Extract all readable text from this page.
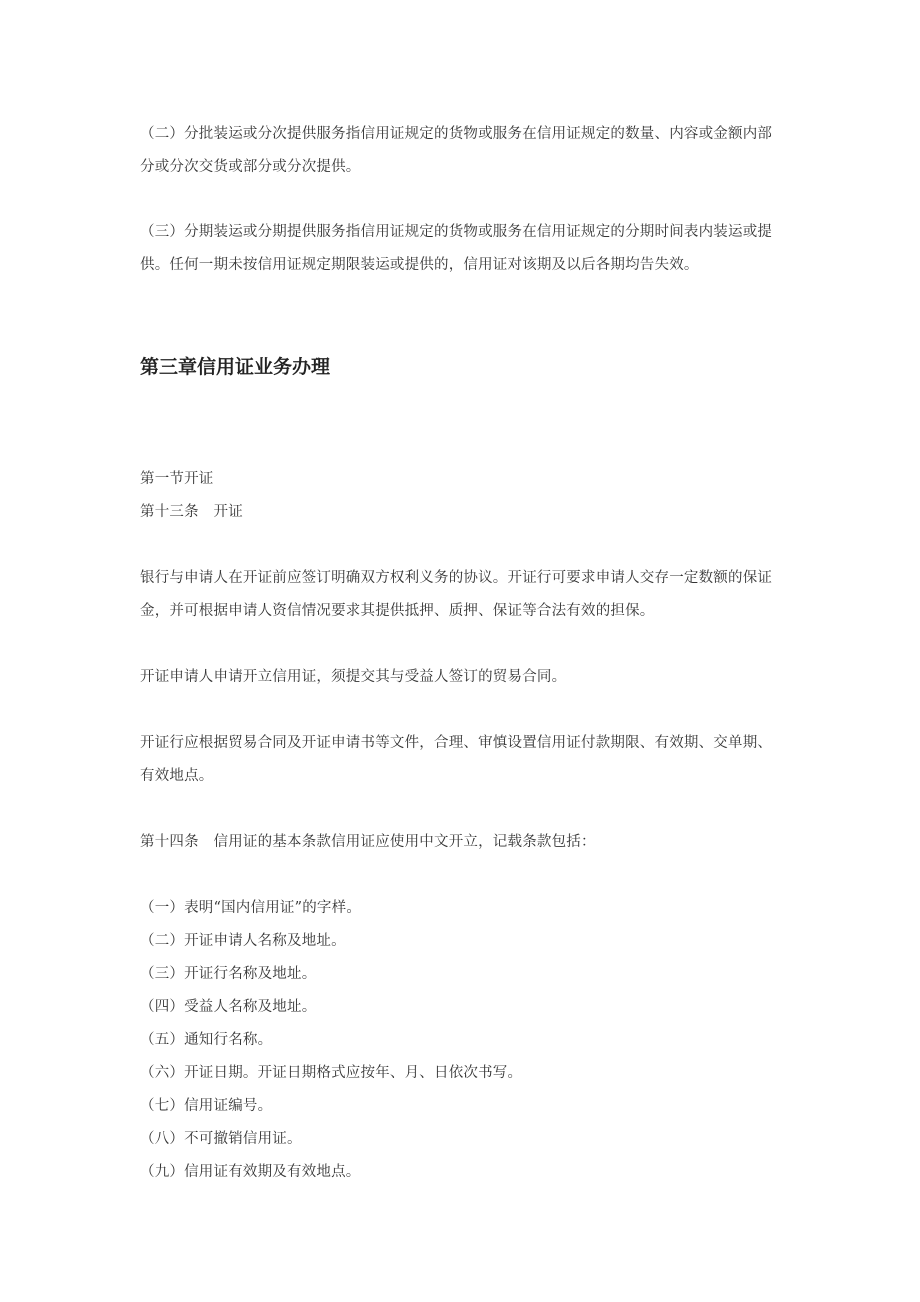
（二）分批装运或分次提供服务指信用证规定的货物或服务在信用证规定的数量、内容或金额内部分或分次交货或部分或分次提供。

（三）分期装运或分期提供服务指信用证规定的货物或服务在信用证规定的分期时间表内装运或提供。任何一期未按信用证规定期限装运或提供的，信用证对该期及以后各期均告失效。

第三章信用证业务办理

第一节开证

第十三条　开证

银行与申请人在开证前应签订明确双方权利义务的协议。开证行可要求申请人交存一定数额的保证金，并可根据申请人资信情况要求其提供抵押、质押、保证等合法有效的担保。

开证申请人申请开立信用证，须提交其与受益人签订的贸易合同。

开证行应根据贸易合同及开证申请书等文件，合理、审慎设置信用证付款期限、有效期、交单期、有效地点。

第十四条　信用证的基本条款信用证应使用中文开立，记载条款包括：

（一）表明“国内信用证”的字样。
（二）开证申请人名称及地址。
（三）开证行名称及地址。
（四）受益人名称及地址。
（五）通知行名称。
（六）开证日期。开证日期格式应按年、月、日依次书写。
（七）信用证编号。
（八）不可撤销信用证。
（九）信用证有效期及有效地点。
